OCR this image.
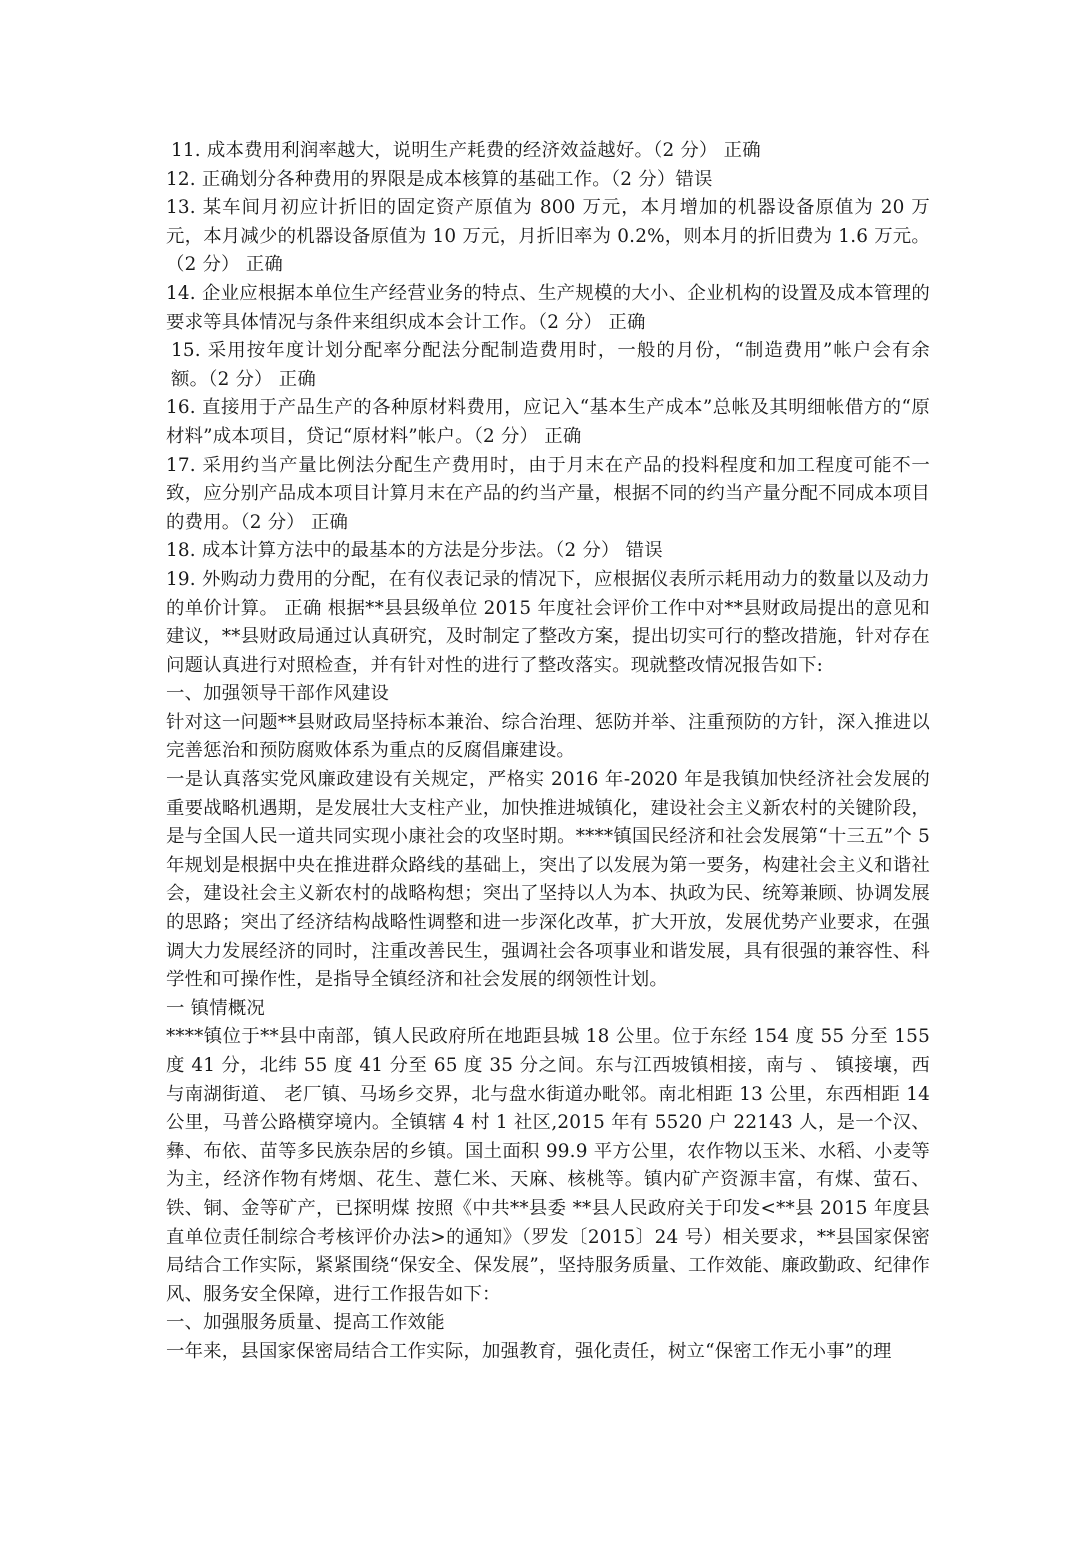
11. 成本费用利润率越大，说明生产耗费的经济效益越好。（2 分） 正确

12. 正确划分各种费用的界限是成本核算的基础工作。（2 分）错误

13. 某车间月初应计折旧的固定资产原值为 800 万元，本月增加的机器设备原值为 20 万元，本月减少的机器设备原值为 10 万元，月折旧率为 0.2%，则本月的折旧费为 1.6 万元。（2 分） 正确

14. 企业应根据本单位生产经营业务的特点、生产规模的大小、企业机构的设置及成本管理的要求等具体情况与条件来组织成本会计工作。（2 分） 正确

15. 采用按年度计划分配率分配法分配制造费用时，一般的月份，“制造费用”帐户会有余额。（2 分） 正确

16. 直接用于产品生产的各种原材料费用，应记入“基本生产成本”总帐及其明细帐借方的“原材料”成本项目，贷记“原材料”帐户。（2 分） 正确

17. 采用约当产量比例法分配生产费用时，由于月末在产品的投料程度和加工程度可能不一致，应分别产品成本项目计算月末在产品的约当产量，根据不同的约当产量分配不同成本项目的费用。（2 分） 正确

18. 成本计算方法中的最基本的方法是分步法。（2 分） 错误

19. 外购动力费用的分配，在有仪表记录的情况下，应根据仪表所示耗用动力的数量以及动力的单价计算。 正确 根据**县县级单位 2015 年度社会评价工作中对**县财政局提出的意见和建议，**县财政局通过认真研究，及时制定了整改方案，提出切实可行的整改措施，针对存在问题认真进行对照检查，并有针对性的进行了整改落实。现就整改情况报告如下:

一、加强领导干部作风建设

针对这一问题**县财政局坚持标本兼治、综合治理、惩防并举、注重预防的方针，深入推进以完善惩治和预防腐败体系为重点的反腐倡廉建设。

一是认真落实党风廉政建设有关规定，严格实 2016 年-2020 年是我镇加快经济社会发展的重要战略机遇期，是发展壮大支柱产业，加快推进城镇化，建设社会主义新农村的关键阶段，是与全国人民一道共同实现小康社会的攻坚时期。****镇国民经济和社会发展第“十三五”个 5 年规划是根据中央在推进群众路线的基础上，突出了以发展为第一要务，构建社会主义和谐社会，建设社会主义新农村的战略构想；突出了坚持以人为本、执政为民、统筹兼顾、协调发展的思路；突出了经济结构战略性调整和进一步深化改革，扩大开放，发展优势产业要求，在强调大力发展经济的同时，注重改善民生，强调社会各项事业和谐发展，具有很强的兼容性、科学性和可操作性，是指导全镇经济和社会发展的纲领性计划。

一 镇情概况

****镇位于**县中南部，镇人民政府所在地距县城 18 公里。位于东经 154 度 55 分至 155 度 41 分，北纬 55 度 41 分至 65 度 35 分之间。东与江西坡镇相接，南与 、 镇接壤，西与南湖街道、 老厂镇、马场乡交界，北与盘水街道办毗邻。南北相距 13 公里，东西相距 14 公里，马普公路横穿境内。全镇辖 4 村 1 社区,2015 年有 5520 户 22143 人，是一个汉、彝、布依、苗等多民族杂居的乡镇。国土面积 99.9 平方公里，农作物以玉米、水稻、小麦等为主，经济作物有烤烟、花生、薏仁米、天麻、核桃等。镇内矿产资源丰富，有煤、萤石、铁、铜、金等矿产，已探明煤 按照《中共**县委 **县人民政府关于印发<**县 2015 年度县直单位责任制综合考核评价办法>的通知》（罗发〔2015〕24 号）相关要求，**县国家保密局结合工作实际，紧紧围绕“保安全、保发展”，坚持服务质量、工作效能、廉政勤政、纪律作风、服务安全保障，进行工作报告如下：

一、加强服务质量、提高工作效能

一年来，县国家保密局结合工作实际，加强教育，强化责任，树立“保密工作无小事”的理
